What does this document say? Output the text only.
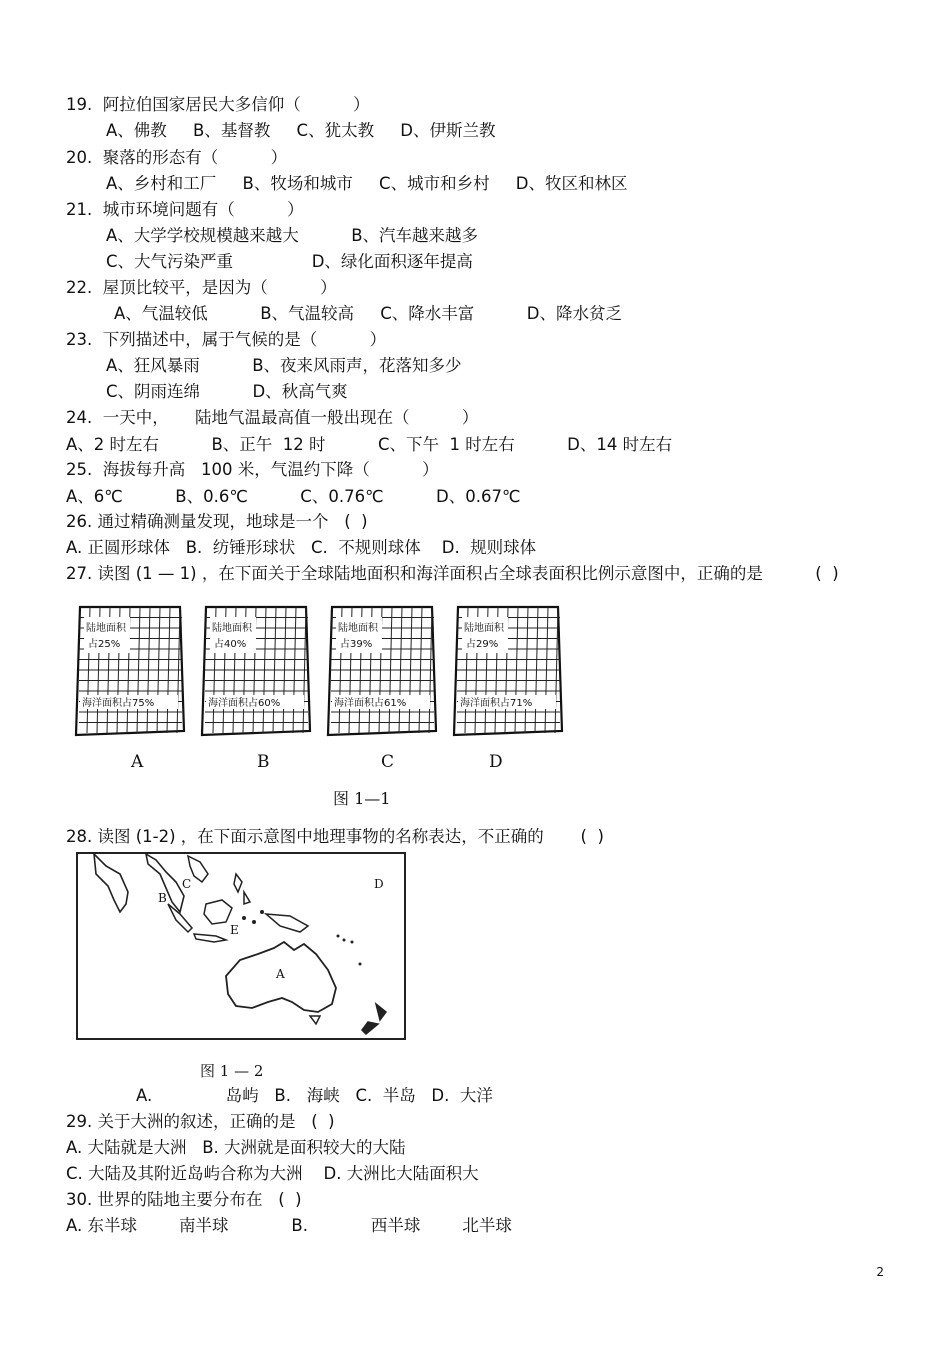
19.  阿拉伯国家居民大多信仰（          ）
A、佛教     B、基督教     C、犹太教     D、伊斯兰教
20.  聚落的形态有（          ）
A、乡村和工厂     B、牧场和城市     C、城市和乡村     D、牧区和林区
21.  城市环境问题有（          ）
A、大学学校规模越来越大          B、汽车越来越多
C、大气污染严重               D、绿化面积逐年提高
22.  屋顶比较平，是因为（          ）
A、气温较低          B、气温较高     C、降水丰富          D、降水贫乏
23.  下列描述中，属于气候的是（          ）
A、狂风暴雨          B、夜来风雨声，花落知多少
C、阴雨连绵          D、秋高气爽
24.  一天中，     陆地气温最高值一般出现在（          ）
A、2 时左右          B、正午  12 时          C、下午  1 时左右          D、14 时左右
25.  海拔每升高   100 米，气温约下降（          ）
A、6℃          B、0.6℃          C、0.76℃          D、0.67℃
26. 通过精确测量发现，地球是一个   (  )
A. 正圆形球体   B.  纺锤形球状   C.  不规则球体    D.  规则球体
27. 读图 (1 — 1) ，在下面关于全球陆地面积和海洋面积占全球表面积比例示意图中，正确的是          (  )
陆地面积
占25%
海洋面积占75%
陆地面积
占40%
海洋面积占60%
陆地面积
占39%
海洋面积占61%
陆地面积
占29%
海洋面积占71%
A	B	C	D
图 1—1
28. 读图 (1-2) ，在下面示意图中地理事物的名称表达，不正确的       (  )
B
C	D
E
A
图 1 — 2
A.              岛屿   B.   海峡   C.  半岛   D.  大洋
29. 关于大洲的叙述，正确的是   (  )
A. 大陆就是大洲   B. 大洲就是面积较大的大陆
C. 大陆及其附近岛屿合称为大洲    D. 大洲比大陆面积大
30. 世界的陆地主要分布在   (  )
A. 东半球        南半球            B.            西半球        北半球
2
